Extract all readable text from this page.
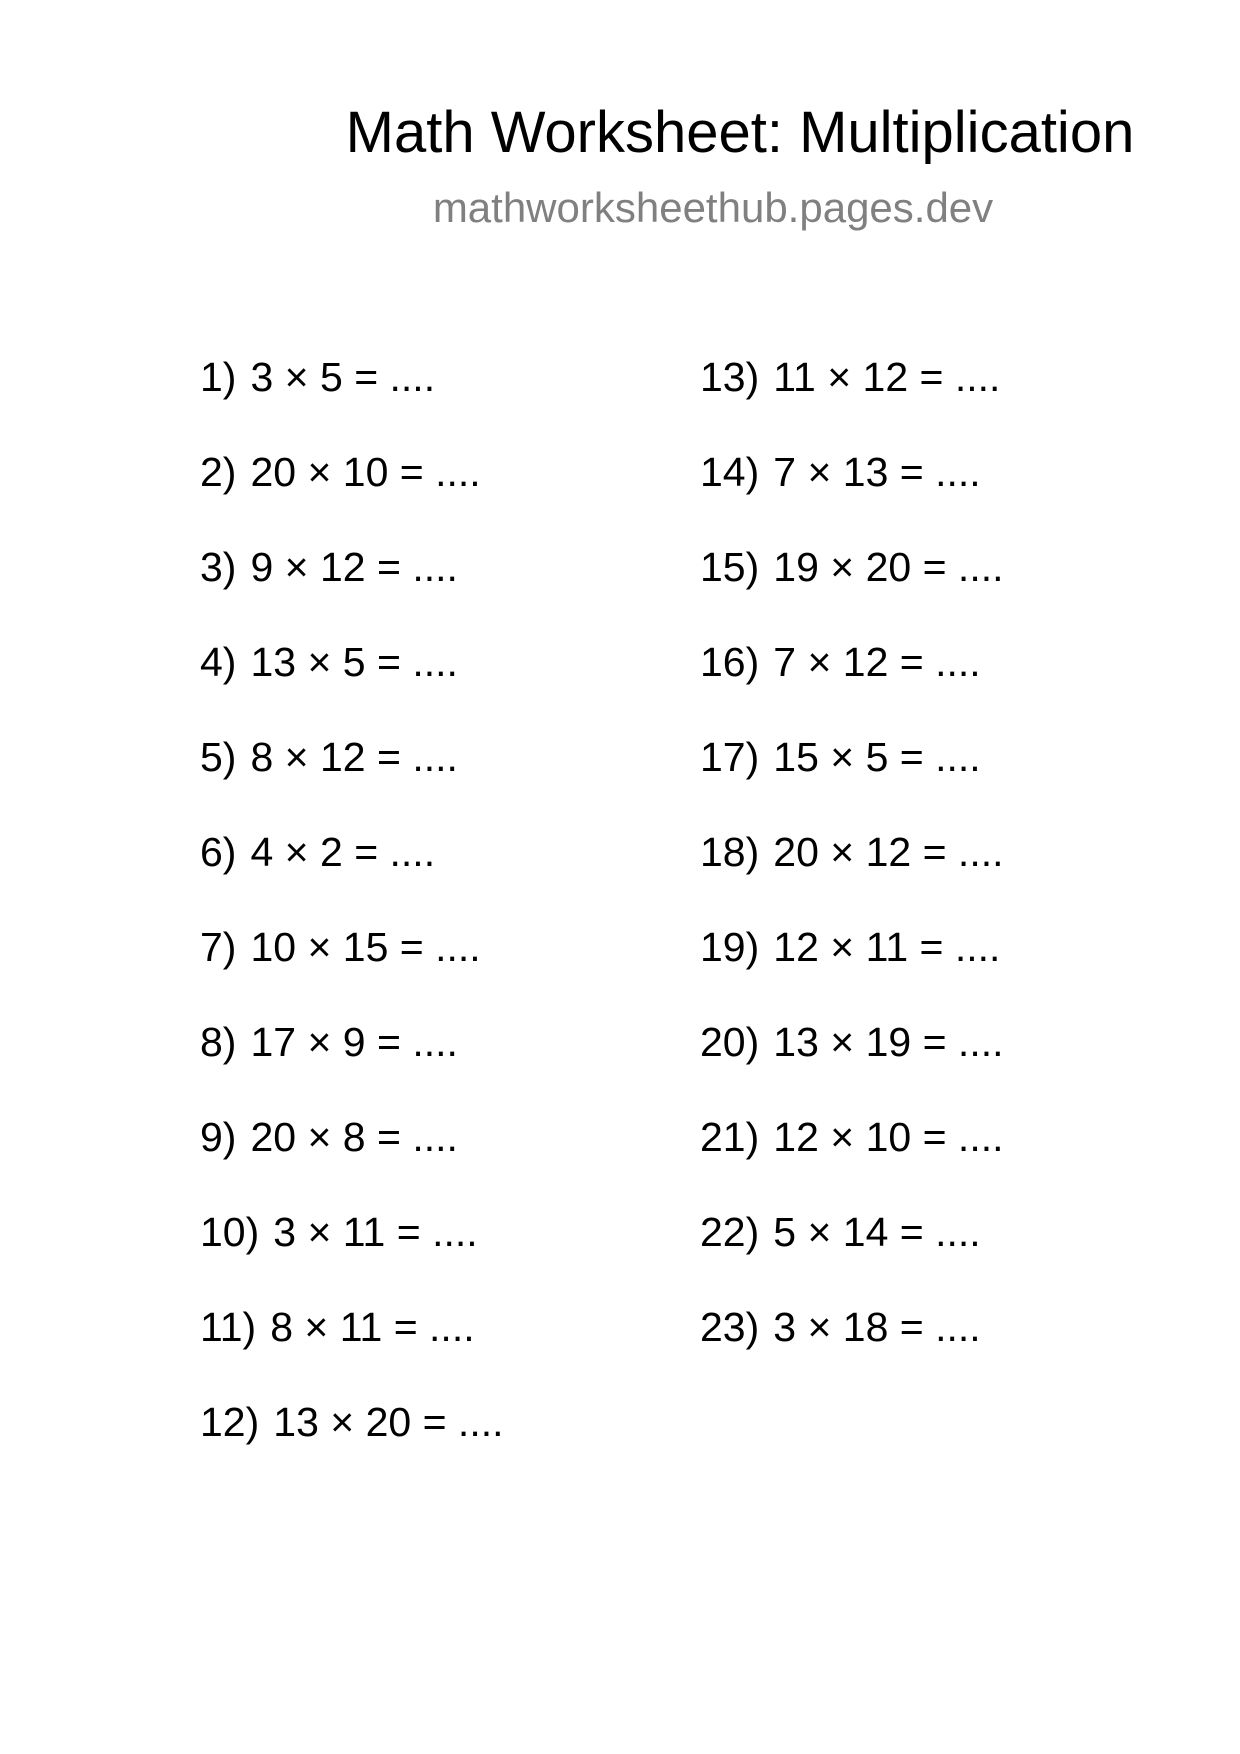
Math Worksheet: Multiplication
mathworksheethub.pages.dev
1) 3 × 5 = ....
2) 20 × 10 = ....
3) 9 × 12 = ....
4) 13 × 5 = ....
5) 8 × 12 = ....
6) 4 × 2 = ....
7) 10 × 15 = ....
8) 17 × 9 = ....
9) 20 × 8 = ....
10) 3 × 11 = ....
11) 8 × 11 = ....
12) 13 × 20 = ....
13) 11 × 12 = ....
14) 7 × 13 = ....
15) 19 × 20 = ....
16) 7 × 12 = ....
17) 15 × 5 = ....
18) 20 × 12 = ....
19) 12 × 11 = ....
20) 13 × 19 = ....
21) 12 × 10 = ....
22) 5 × 14 = ....
23) 3 × 18 = ....
